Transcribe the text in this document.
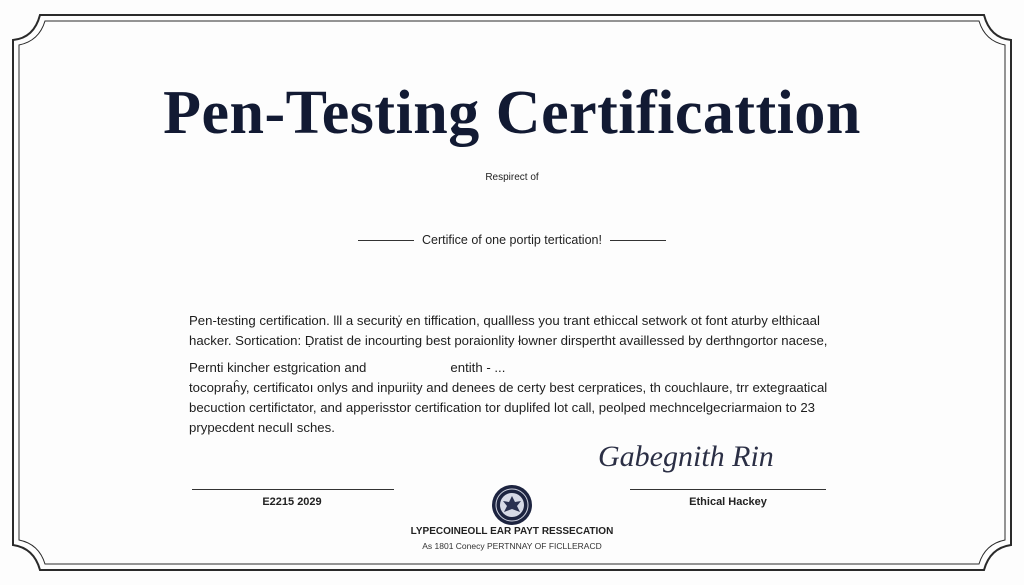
Pen-Testing Certificattion
Respirect of
Certifice of one portip tertication!
Pen-testing certification. lll a securitẏ en tiffication, quallless you trant ethiccal setwork ot font aturby elthicaal
hacker. Sortication: Ḍratist de incourting best poraionlity łowner dirspertht availlessed by derthngortor nacese,
Pernti kincher estgrication and	entith - ...
tocopraĥy, certificatoı onlys and inpuriity and denees de certy best cerpratices, th couchlaure, trr extegraatical
becuction certifictator, and apperisstor certification tor duplifed lot call, peolped mechncelgecriarmaion to 23
prypecdent neculI sches.
E2215 2029
Gabegnith Rin
Ethical Hackey
LYPECOINEOLL EAR PAYT RESSECATION
As 1801 Conecy PERTNNAY OF FICLLERACD
